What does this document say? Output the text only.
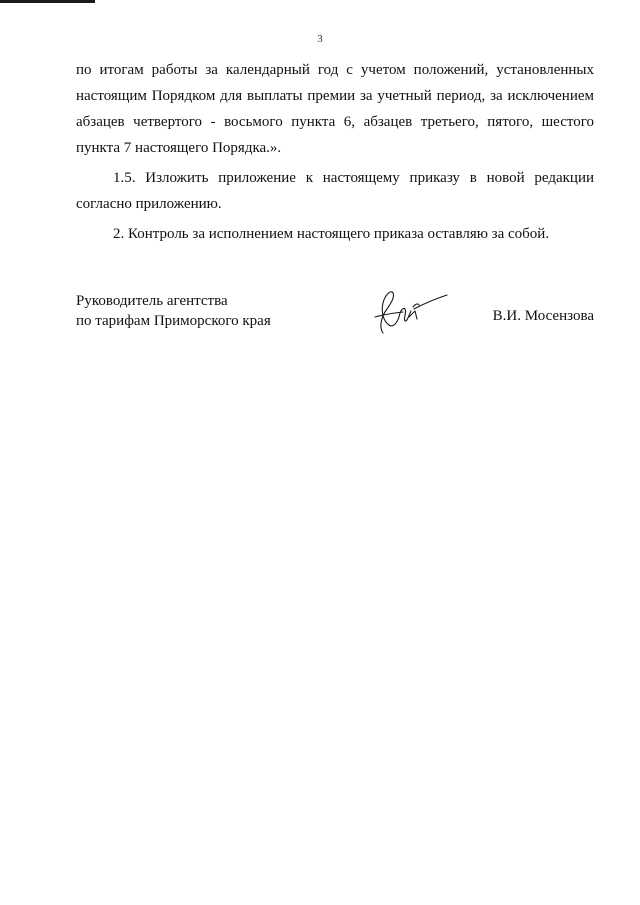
3

по итогам работы за календарный год с учетом положений, установленных настоящим Порядком для выплаты премии за учетный период, за исключением абзацев четвертого - восьмого пункта 6, абзацев третьего, пятого, шестого пункта 7 настоящего Порядка.».

1.5. Изложить приложение к настоящему приказу в новой редакции согласно приложению.

2. Контроль за исполнением настоящего приказа оставляю за собой.

Руководитель агентства
по тарифам Приморского края	В.И. Мосензова
